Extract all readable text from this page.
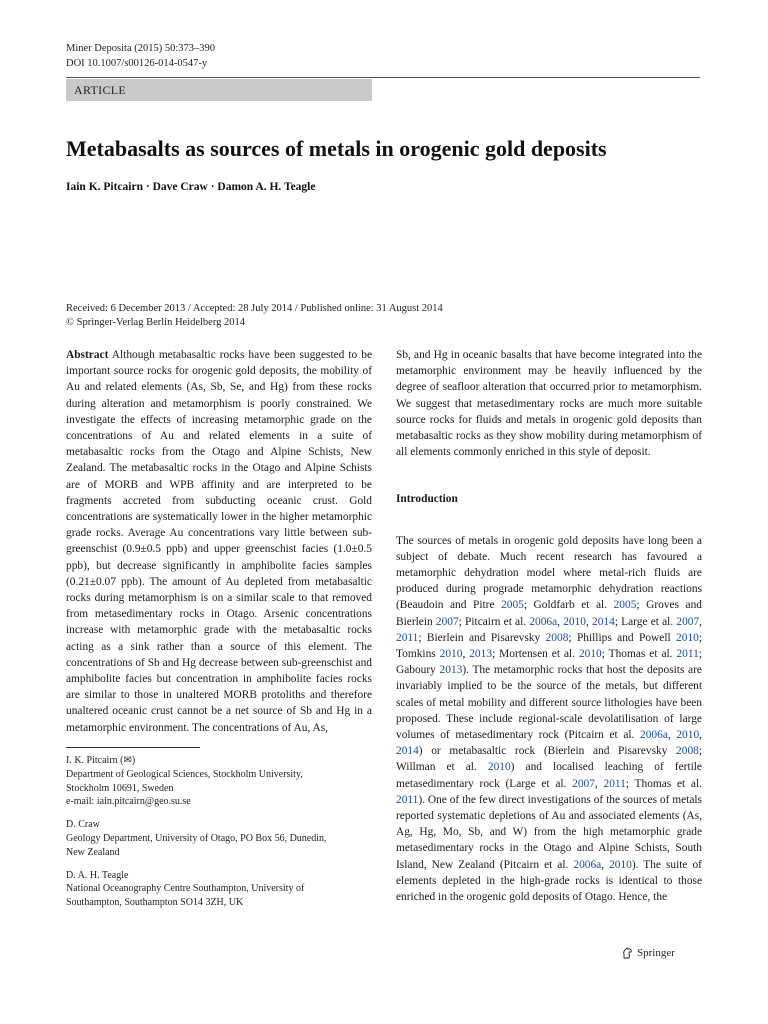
Miner Deposita (2015) 50:373–390
DOI 10.1007/s00126-014-0547-y
ARTICLE
Metabasalts as sources of metals in orogenic gold deposits
Iain K. Pitcairn · Dave Craw · Damon A. H. Teagle
Received: 6 December 2013 / Accepted: 28 July 2014 / Published online: 31 August 2014
© Springer-Verlag Berlin Heidelberg 2014

Abstract Although metabasaltic rocks have been suggested to be important source rocks for orogenic gold deposits, the mobility of Au and related elements (As, Sb, Se, and Hg) from these rocks during alteration and metamorphism is poorly constrained. We investigate the effects of increasing metamorphic grade on the concentrations of Au and related elements in a suite of metabasaltic rocks from the Otago and Alpine Schists, New Zealand. The metabasaltic rocks in the Otago and Alpine Schists are of MORB and WPB affinity and are interpreted to be fragments accreted from subducting oceanic crust. Gold concentrations are systematically lower in the higher metamorphic grade rocks. Average Au concentrations vary little between sub-greenschist (0.9±0.5 ppb) and upper greenschist facies (1.0±0.5 ppb), but decrease significantly in amphibolite facies samples (0.21±0.07 ppb). The amount of Au depleted from metabasaltic rocks during metamorphism is on a similar scale to that removed from metasedimentary rocks in Otago. Arsenic concentrations increase with metamorphic grade with the metabasaltic rocks acting as a sink rather than a source of this element. The concentrations of Sb and Hg decrease between sub-greenschist and amphibolite facies but concentration in amphibolite facies rocks are similar to those in unaltered MORB protoliths and therefore unaltered oceanic crust cannot be a net source of Sb and Hg in a metamorphic environment. The concentrations of Au, As,

Sb, and Hg in oceanic basalts that have become integrated into the metamorphic environment may be heavily influenced by the degree of seafloor alteration that occurred prior to metamorphism. We suggest that metasedimentary rocks are much more suitable source rocks for fluids and metals in orogenic gold deposits than metabasaltic rocks as they show mobility during metamorphism of all elements commonly enriched in this style of deposit.

Introduction

The sources of metals in orogenic gold deposits have long been a subject of debate. Much recent research has favoured a metamorphic dehydration model where metal-rich fluids are produced during prograde metamorphic dehydration reactions (Beaudoin and Pitre 2005; Goldfarb et al. 2005; Groves and Bierlein 2007; Pitcairn et al. 2006a, 2010, 2014; Large et al. 2007, 2011; Bierlein and Pisarevsky 2008; Phillips and Powell 2010; Tomkins 2010, 2013; Mortensen et al. 2010; Thomas et al. 2011; Gaboury 2013). The metamorphic rocks that host the deposits are invariably implied to be the source of the metals, but different scales of metal mobility and different source lithologies have been proposed. These include regional-scale devolatilisation of large volumes of metasedimentary rock (Pitcairn et al. 2006a, 2010, 2014) or metabasaltic rock (Bierlein and Pisarevsky 2008; Willman et al. 2010) and localised leaching of fertile metasedimentary rock (Large et al. 2007, 2011; Thomas et al. 2011). One of the few direct investigations of the sources of metals reported systematic depletions of Au and associated elements (As, Ag, Hg, Mo, Sb, and W) from the high metamorphic grade metasedimentary rocks in the Otago and Alpine Schists, South Island, New Zealand (Pitcairn et al. 2006a, 2010). The suite of elements depleted in the high-grade rocks is identical to those enriched in the orogenic gold deposits of Otago. Hence, the

I. K. Pitcairn (✉)
Department of Geological Sciences, Stockholm University,
Stockholm 10691, Sweden
e-mail: iain.pitcairn@geo.su.se
D. Craw
Geology Department, University of Otago, PO Box 56, Dunedin,
New Zealand
D. A. H. Teagle
National Oceanography Centre Southampton, University of
Southampton, Southampton SO14 3ZH, UK
Springer
